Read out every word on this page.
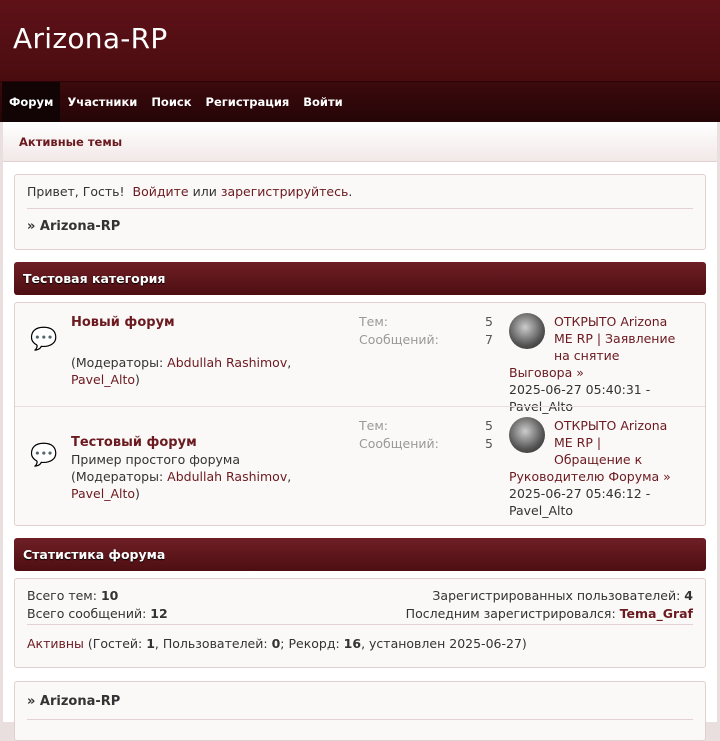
Arizona-RP
Форум	Участники	Поиск	Регистрация	Войти
Активные темы
Привет, Гость! Войдите или зарегистрируйтесь.
» Arizona-RP
Тестовая категория
💬
Новый форум
(Модераторы: Abdullah Rashimov, Pavel_Alto)
Тем:	5
Сообщений:	7
ОТКРЫТО Arizona ME RP | Заявление на снятие Выговора »
2025-06-27 05:40:31 -
Pavel_Alto
💬
Тестовый форум
Пример простого форума
(Модераторы: Abdullah Rashimov, Pavel_Alto)
Тем:	5
Сообщений:	5
ОТКРЫТО Arizona ME RP | Обращение к Руководителю Форума »
2025-06-27 05:46:12 -
Pavel_Alto
Статистика форума
Всего тем: 10
Всего сообщений: 12
Зарегистрированных пользователей: 4
Последним зарегистрировался: Tema_Graf
Активны (Гостей: 1, Пользователей: 0; Рекорд: 16, установлен 2025-06-27)
» Arizona-RP
